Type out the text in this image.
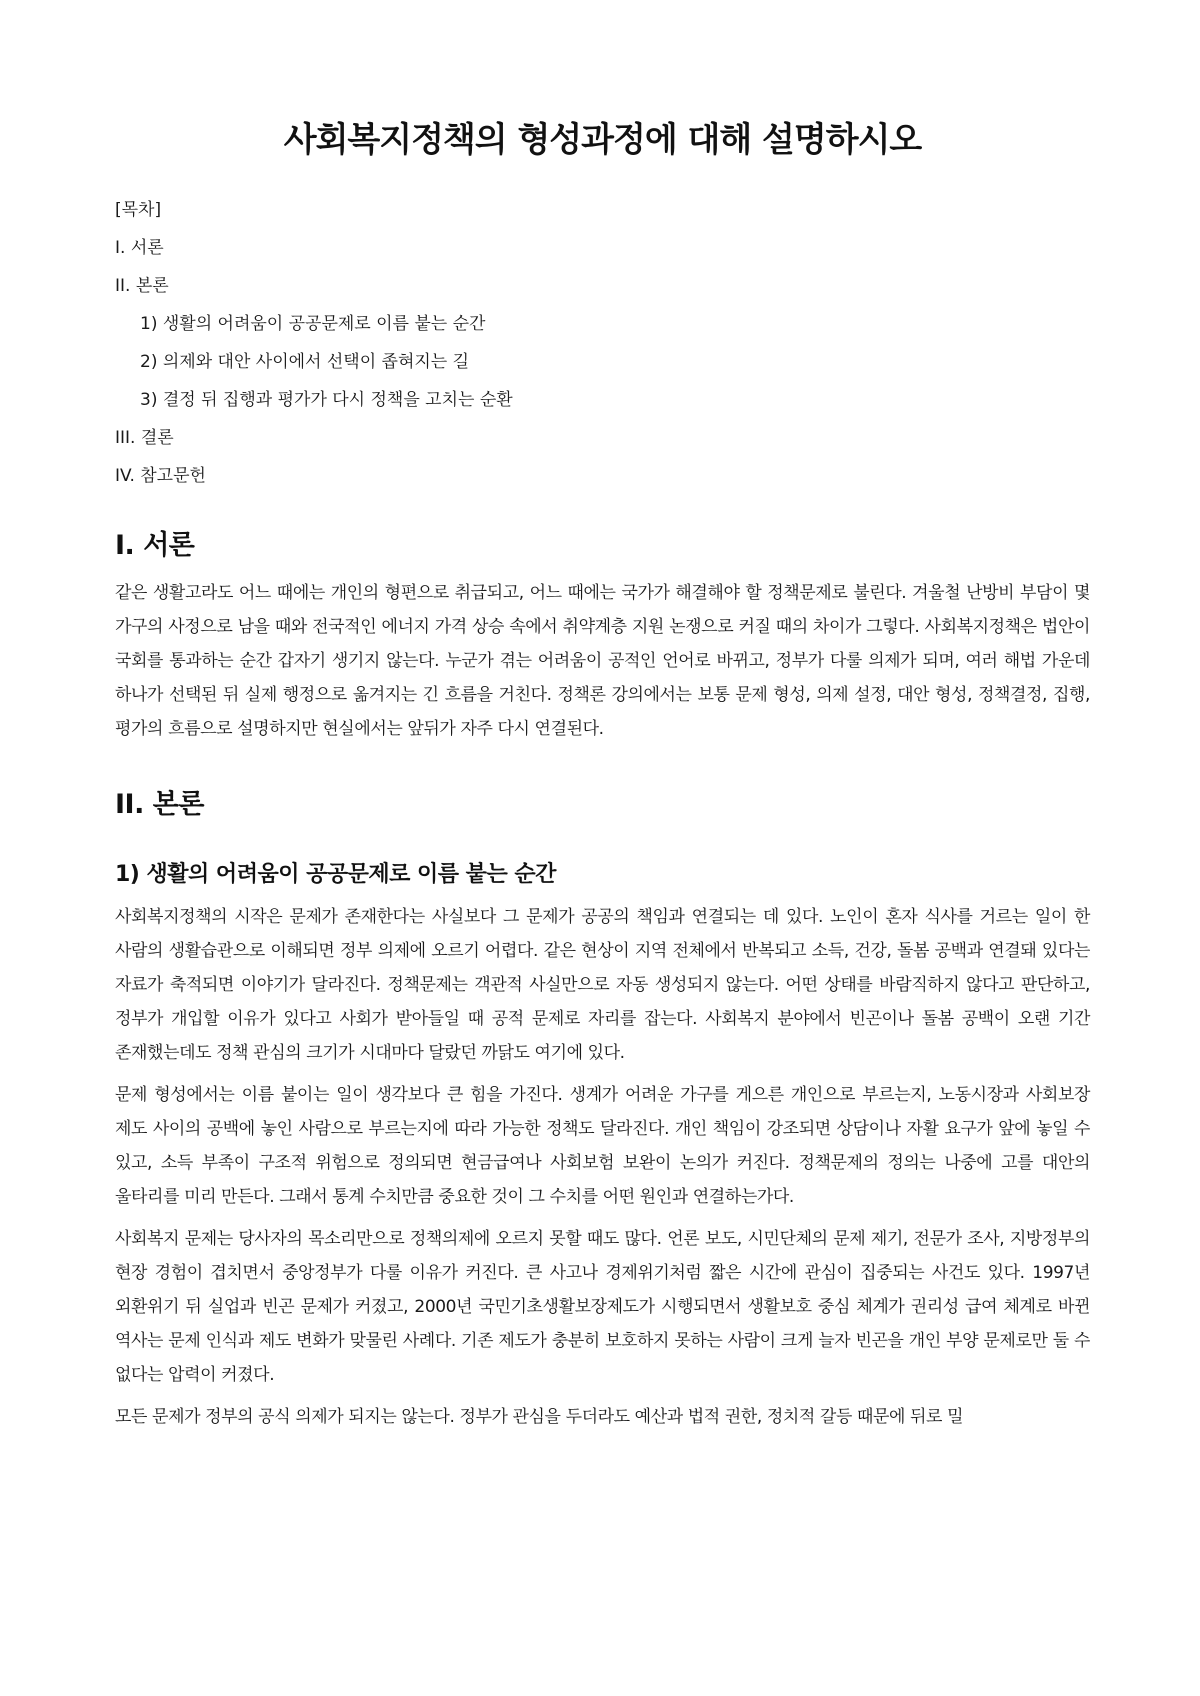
사회복지정책의 형성과정에 대해 설명하시오
[목차]
I. 서론
II. 본론
1) 생활의 어려움이 공공문제로 이름 붙는 순간
2) 의제와 대안 사이에서 선택이 좁혀지는 길
3) 결정 뒤 집행과 평가가 다시 정책을 고치는 순환
III. 결론
IV. 참고문헌
I. 서론

같은 생활고라도 어느 때에는 개인의 형편으로 취급되고, 어느 때에는 국가가 해결해야 할 정책문제로 불린다. 겨울철 난방비 부담이 몇 가구의 사정으로 남을 때와 전국적인 에너지 가격 상승 속에서 취약계층 지원 논쟁으로 커질 때의 차이가 그렇다. 사회복지정책은 법안이 국회를 통과하는 순간 갑자기 생기지 않는다. 누군가 겪는 어려움이 공적인 언어로 바뀌고, 정부가 다룰 의제가 되며, 여러 해법 가운데 하나가 선택된 뒤 실제 행정으로 옮겨지는 긴 흐름을 거친다. 정책론 강의에서는 보통 문제 형성, 의제 설정, 대안 형성, 정책결정, 집행, 평가의 흐름으로 설명하지만 현실에서는 앞뒤가 자주 다시 연결된다.

II. 본론
1) 생활의 어려움이 공공문제로 이름 붙는 순간

사회복지정책의 시작은 문제가 존재한다는 사실보다 그 문제가 공공의 책임과 연결되는 데 있다. 노인이 혼자 식사를 거르는 일이 한 사람의 생활습관으로 이해되면 정부 의제에 오르기 어렵다. 같은 현상이 지역 전체에서 반복되고 소득, 건강, 돌봄 공백과 연결돼 있다는 자료가 축적되면 이야기가 달라진다. 정책문제는 객관적 사실만으로 자동 생성되지 않는다. 어떤 상태를 바람직하지 않다고 판단하고, 정부가 개입할 이유가 있다고 사회가 받아들일 때 공적 문제로 자리를 잡는다. 사회복지 분야에서 빈곤이나 돌봄 공백이 오랜 기간 존재했는데도 정책 관심의 크기가 시대마다 달랐던 까닭도 여기에 있다.

문제 형성에서는 이름 붙이는 일이 생각보다 큰 힘을 가진다. 생계가 어려운 가구를 게으른 개인으로 부르는지, 노동시장과 사회보장 제도 사이의 공백에 놓인 사람으로 부르는지에 따라 가능한 정책도 달라진다. 개인 책임이 강조되면 상담이나 자활 요구가 앞에 놓일 수 있고, 소득 부족이 구조적 위험으로 정의되면 현금급여나 사회보험 보완이 논의가 커진다. 정책문제의 정의는 나중에 고를 대안의 울타리를 미리 만든다. 그래서 통계 수치만큼 중요한 것이 그 수치를 어떤 원인과 연결하는가다.

사회복지 문제는 당사자의 목소리만으로 정책의제에 오르지 못할 때도 많다. 언론 보도, 시민단체의 문제 제기, 전문가 조사, 지방정부의 현장 경험이 겹치면서 중앙정부가 다룰 이유가 커진다. 큰 사고나 경제위기처럼 짧은 시간에 관심이 집중되는 사건도 있다. 1997년 외환위기 뒤 실업과 빈곤 문제가 커졌고, 2000년 국민기초생활보장제도가 시행되면서 생활보호 중심 체계가 권리성 급여 체계로 바뀐 역사는 문제 인식과 제도 변화가 맞물린 사례다. 기존 제도가 충분히 보호하지 못하는 사람이 크게 늘자 빈곤을 개인 부양 문제로만 둘 수 없다는 압력이 커졌다.

모든 문제가 정부의 공식 의제가 되지는 않는다. 정부가 관심을 두더라도 예산과 법적 권한, 정치적 갈등 때문에 뒤로 밀
